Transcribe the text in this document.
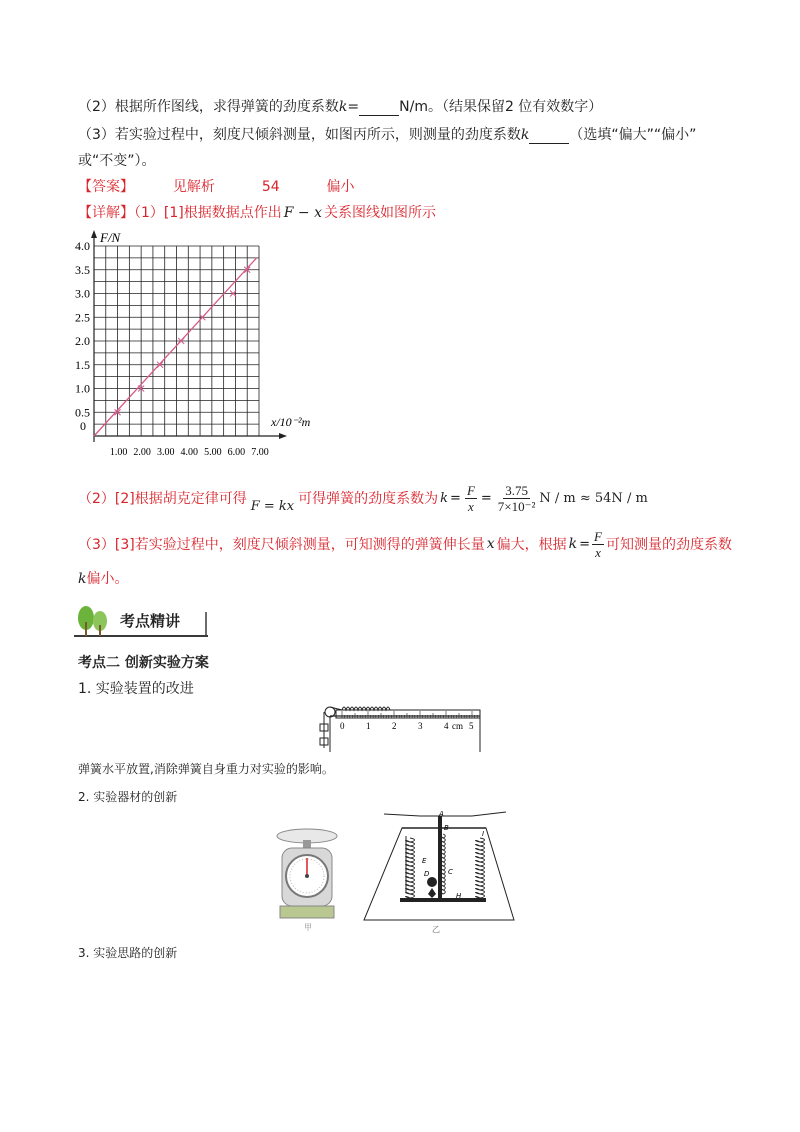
（2）根据所作图线，求得弹簧的劲度系数k=	N/m。（结果保留2 位有效数字）
（3）若实验过程中，刻度尺倾斜测量，如图丙所示，则测量的劲度系数k	（选填“偏大”“偏小”
或“不变”）。
【答案】	见解析	54	偏小
【详解】（1）[1]根据数据点作出 F − x 关系图线如图所示
0.5
1.0
1.5
2.0
2.5
3.0
3.5
4.0
0
1.00 2.00 3.00 4.00 5.00 6.00 7.00
F/N
x/10⁻²m
（2）[2]根据胡克定律可得 F = kx 可得弹簧的劲度系数为 $k = \frac{F}{x} = \frac{3.75}{\text{7×10⁻²}}$ N / m ≈ 54N / m
（3）[3]若实验过程中，刻度尺倾斜测量，可知测得的弹簧伸长量 x 偏大，根据 $k = \frac{F}{x}$ 可知测量的劲度系数
k偏小。
考点精讲
考点二 创新实验方案
1. 实验装置的改进
0 1 2 3 4 cm 5
弹簧水平放置,消除弹簧自身重力对实验的影响。
2. 实验器材的创新
甲
A
B
C
D
E
H
I
乙
3. 实验思路的创新
